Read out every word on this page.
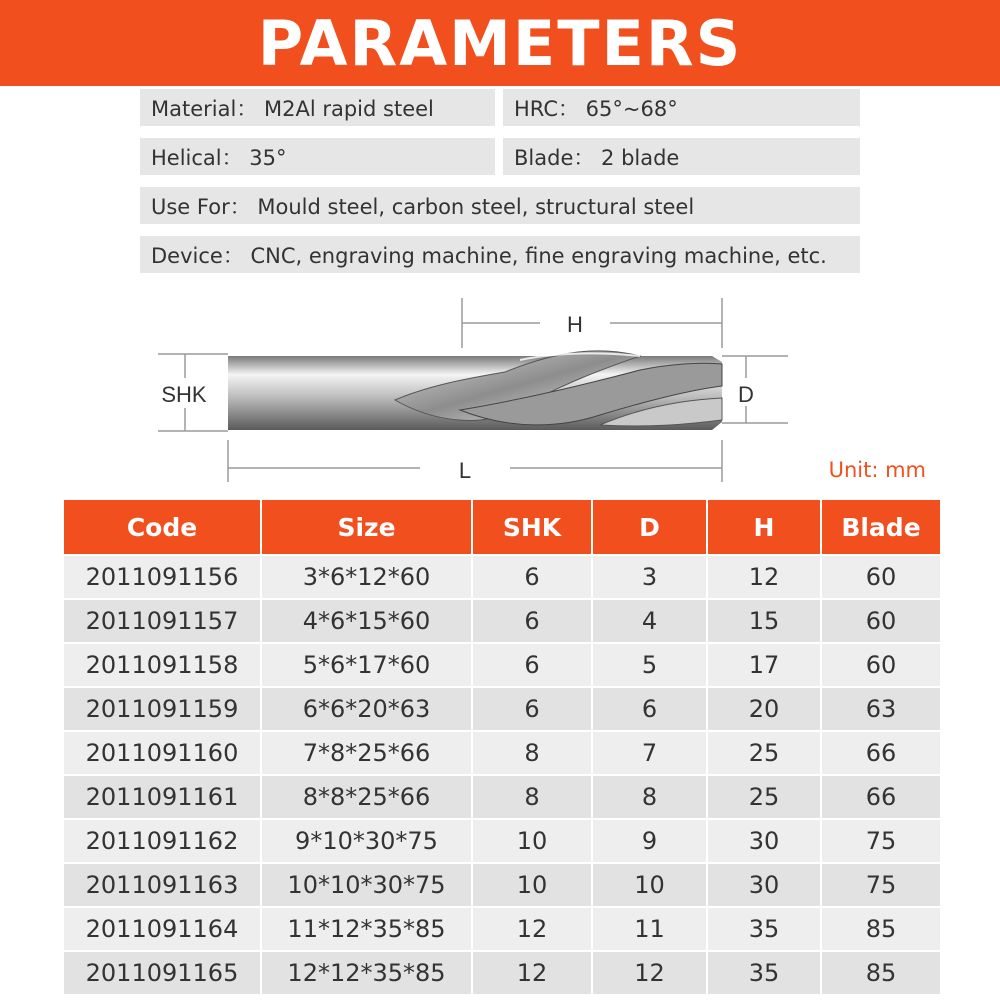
PARAMETERS
Material： M2Al rapid steel	HRC： 65°~68°
Helical： 35°	Blade： 2 blade
Use For： Mould steel, carbon steel, structural steel
Device： CNC, engraving machine, fine engraving machine, etc.
H
SHK	D
L	Unit: mm
Code	Size	SHK	D	H	Blade
2011091156	3*6*12*60	6	3	12	60
2011091157	4*6*15*60	6	4	15	60
2011091158	5*6*17*60	6	5	17	60
2011091159	6*6*20*63	6	6	20	63
2011091160	7*8*25*66	8	7	25	66
2011091161	8*8*25*66	8	8	25	66
2011091162	9*10*30*75	10	9	30	75
2011091163	10*10*30*75	10	10	30	75
2011091164	11*12*35*85	12	11	35	85
2011091165	12*12*35*85	12	12	35	85
